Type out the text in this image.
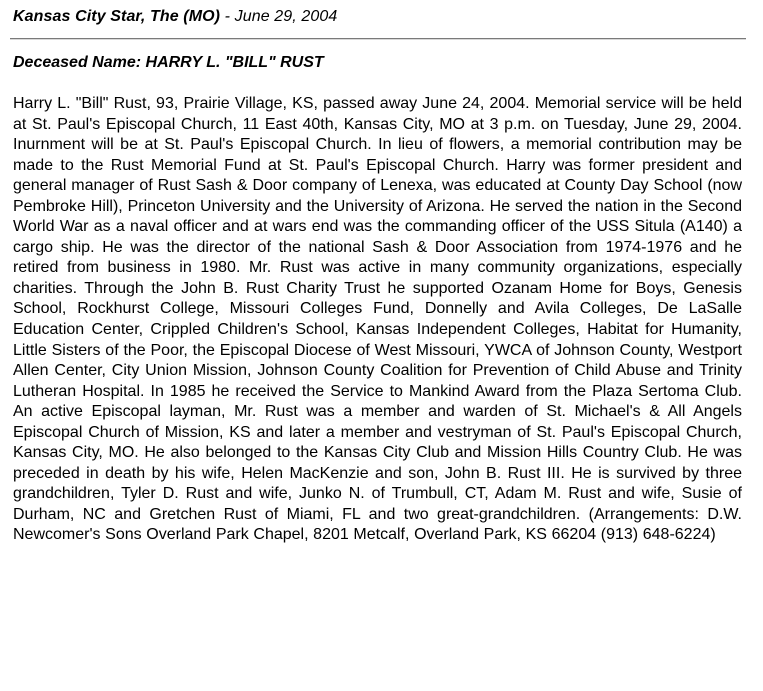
Kansas City Star, The (MO) - June 29, 2004
Deceased Name: HARRY L. "BILL" RUST
Harry L. "Bill" Rust, 93, Prairie Village, KS, passed away June 24, 2004. Memorial service will be held at St. Paul's Episcopal Church, 11 East 40th, Kansas City, MO at 3 p.m. on Tuesday, June 29, 2004. Inurnment will be at St. Paul's Episcopal Church. In lieu of flowers, a memorial contribution may be made to the Rust Memorial Fund at St. Paul's Episcopal Church. Harry was former president and general manager of Rust Sash & Door company of Lenexa, was educated at County Day School (now Pembroke Hill), Princeton University and the University of Arizona. He served the nation in the Second World War as a naval officer and at wars end was the commanding officer of the USS Situla (A140) a cargo ship. He was the director of the national Sash & Door Association from 1974-1976 and he retired from business in 1980. Mr. Rust was active in many community organizations, especially charities. Through the John B. Rust Charity Trust he supported Ozanam Home for Boys, Genesis School, Rockhurst College, Missouri Colleges Fund, Donnelly and Avila Colleges, De LaSalle Education Center, Crippled Children's School, Kansas Independent Colleges, Habitat for Humanity, Little Sisters of the Poor, the Episcopal Diocese of West Missouri, YWCA of Johnson County, Westport Allen Center, City Union Mission, Johnson County Coalition for Prevention of Child Abuse and Trinity Lutheran Hospital. In 1985 he received the Service to Mankind Award from the Plaza Sertoma Club. An active Episcopal layman, Mr. Rust was a member and warden of St. Michael's & All Angels Episcopal Church of Mission, KS and later a member and vestryman of St. Paul's Episcopal Church, Kansas City, MO. He also belonged to the Kansas City Club and Mission Hills Country Club. He was preceded in death by his wife, Helen MacKenzie and son, John B. Rust III. He is survived by three grandchildren, Tyler D. Rust and wife, Junko N. of Trumbull, CT, Adam M. Rust and wife, Susie of Durham, NC and Gretchen Rust of Miami, FL and two great-grandchildren. (Arrangements: D.W. Newcomer's Sons Overland Park Chapel, 8201 Metcalf, Overland Park, KS 66204 (913) 648-6224)
